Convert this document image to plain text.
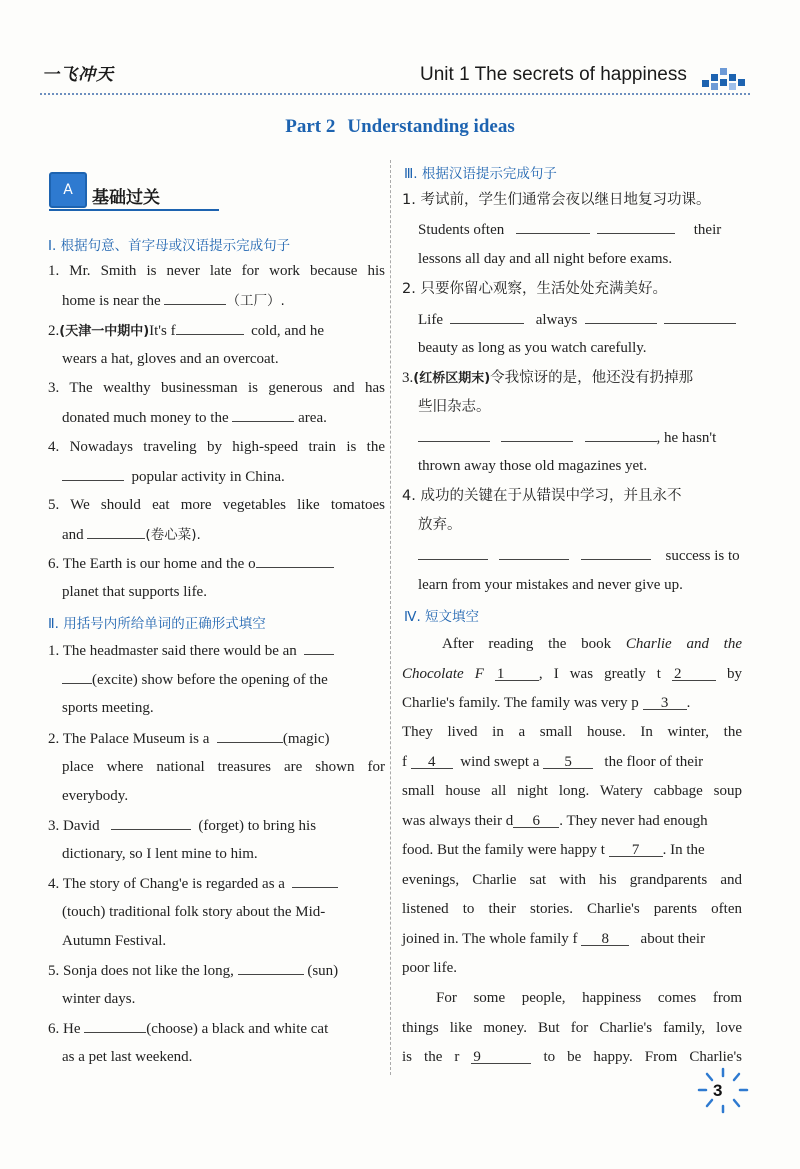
一飞冲天	Unit 1 The secrets of happiness
Part 2 Understanding ideas
A 基础过关
Ⅰ. 根据句意、首字母或汉语提示完成句子
1. Mr. Smith is never late for work because his
home is near the	（工厂）.
2.(天津一中期中)It's f	cold, and he
wears a hat, gloves and an overcoat.
3. The wealthy businessman is generous and has
donated much money to the	area.
4. Nowadays traveling by high-speed train is the
popular activity in China.
5. We should eat more vegetables like tomatoes
and	(卷心菜).
6. The Earth is our home and the o
planet that supports life.
Ⅱ. 用括号内所给单词的正确形式填空
1. The headmaster said there would be an
(excite) show before the opening of the
sports meeting.
2. The Palace Museum is a	(magic)
place where national treasures are shown for
everybody.
3. David	(forget) to bring his
dictionary, so I lent mine to him.
4. The story of Chang'e is regarded as a
(touch) traditional folk story about the Mid-
Autumn Festival.
5. Sonja does not like the long,	(sun)
winter days.
6. He	(choose) a black and white cat
as a pet last weekend.
Ⅲ. 根据汉语提示完成句子
1. 考试前，学生们通常会夜以继日地复习功课。
Students often	their
lessons all day and all night before exams.
2. 只要你留心观察，生活处处充满美好。
Life	always
beauty as long as you watch carefully.
3.(红桥区期末)令我惊讶的是，他还没有扔掉那
些旧杂志。
, he hasn't
thrown away those old magazines yet.
4. 成功的关键在于从错误中学习，并且永不
放弃。
success is to
learn from your mistakes and never give up.
Ⅳ. 短文填空
After reading the book Charlie and the
Chocolate F 1 , I was greatly t 2	by
Charlie's family. The family was very p 3 .
They lived in a small house. In winter, the
f 4 wind swept a 5 the floor of their
small house all night long. Watery cabbage soup
was always their d 6 . They never had enough
food. But the family were happy t 7 . In the
evenings, Charlie sat with his grandparents and
listened to their stories. Charlie's parents often
joined in. The whole family f 8 about their
poor life.
For some people, happiness comes from
things like money. But for Charlie's family, love
is the r 9	to be happy. From Charlie's
3
